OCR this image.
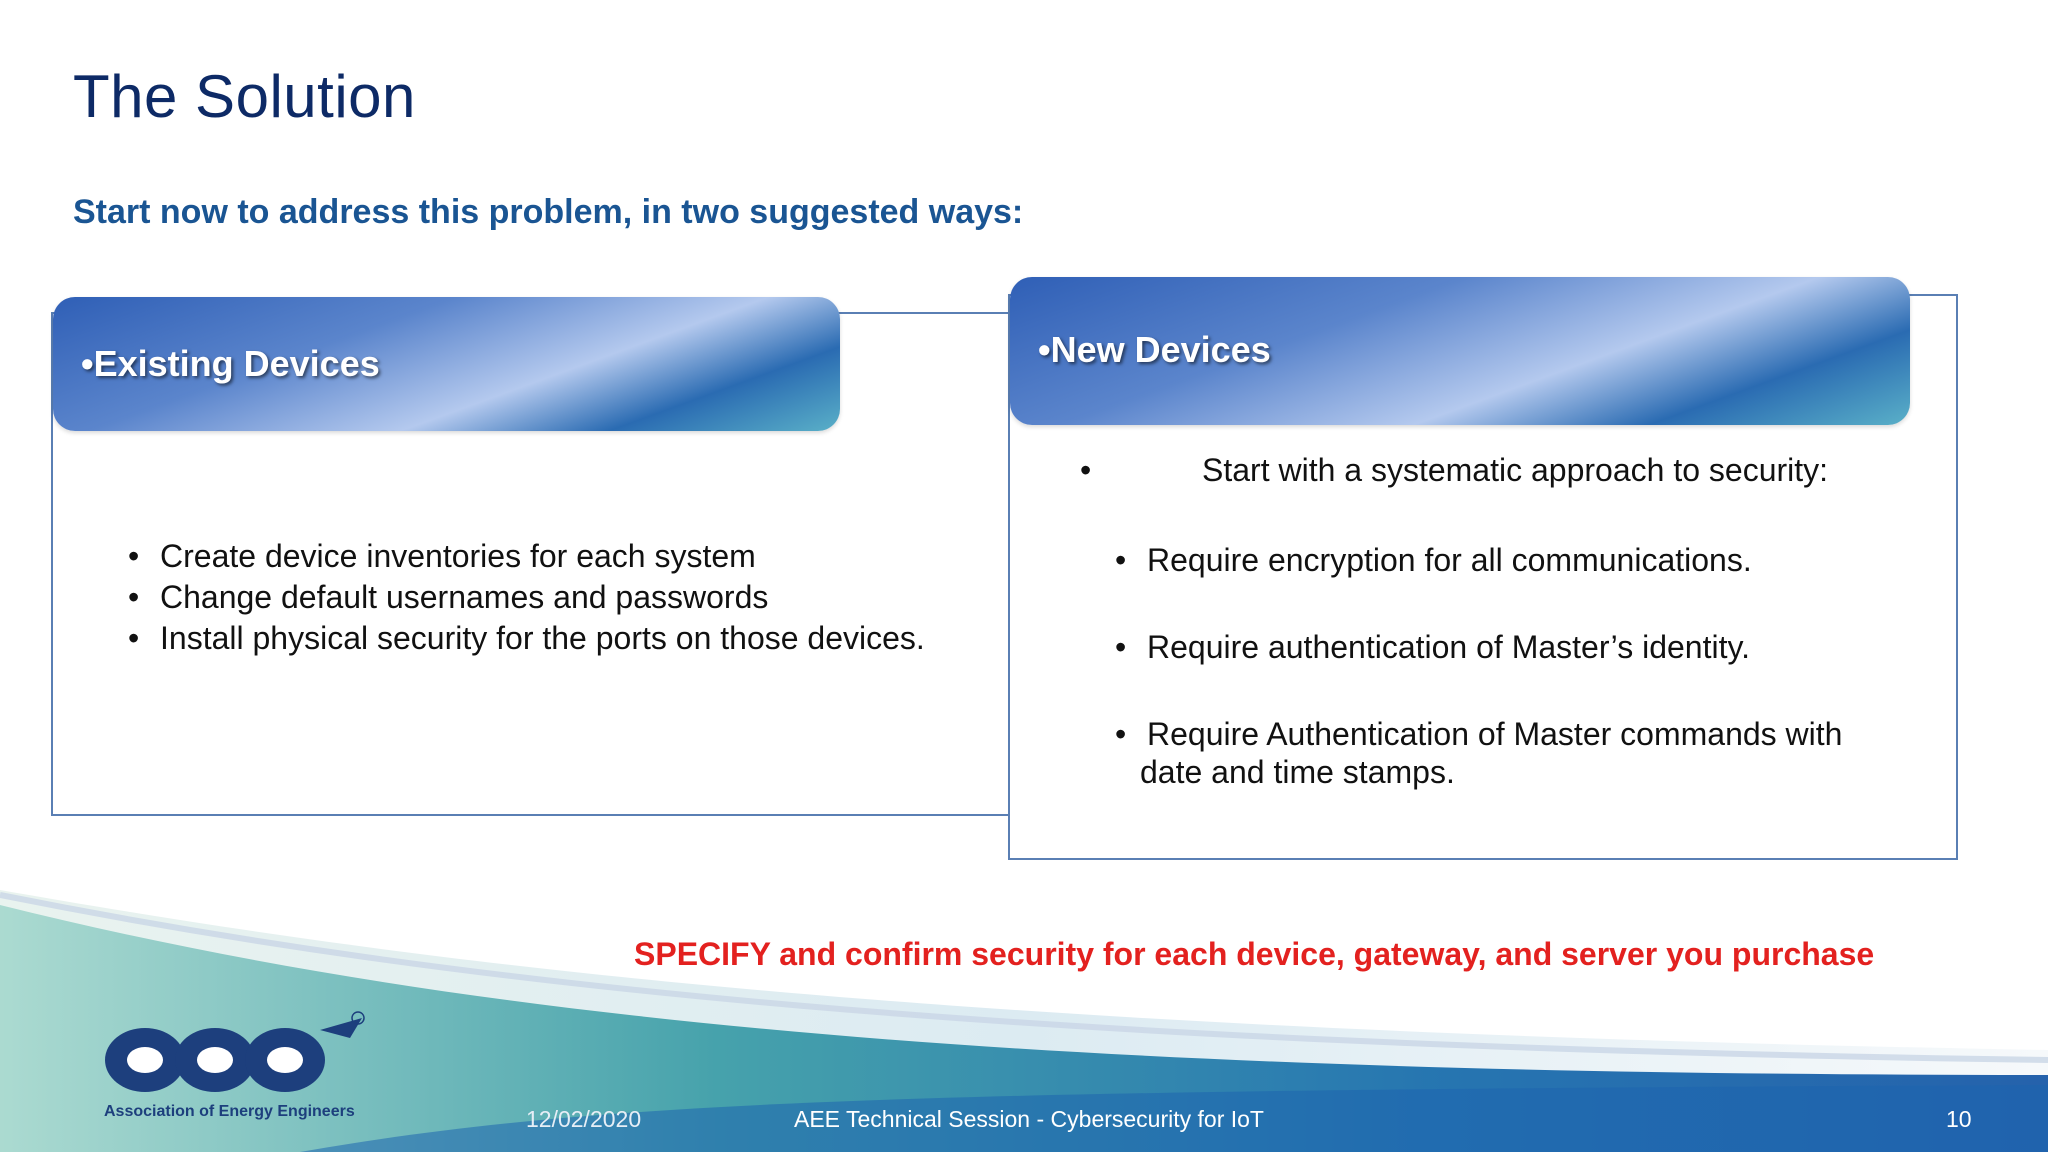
The Solution
Start now to address this problem, in two suggested ways:
•Existing Devices
• Create device inventories for each system
• Change default usernames and passwords
• Install physical security for the ports on those devices.
•New Devices
•	Start with a systematic approach to security:
• Require encryption for all communications.
• Require authentication of Master’s identity.
• Require Authentication of Master commands with
date and time stamps.
SPECIFY and confirm security for each device, gateway, and server you purchase
Association of Energy Engineers	12/02/2020	AEE Technical Session - Cybersecurity for IoT	10
